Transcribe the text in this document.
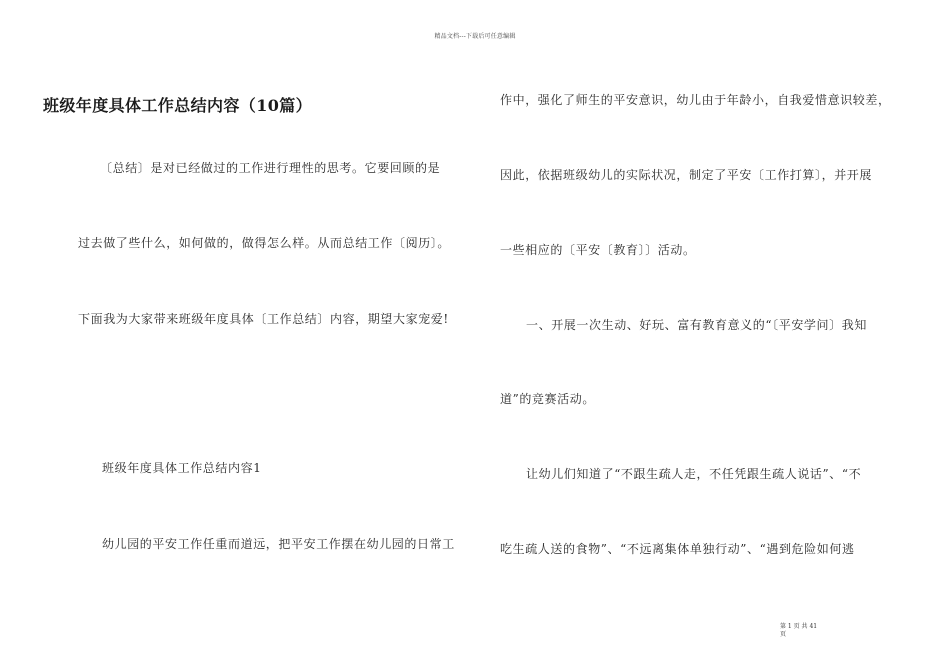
精品文档---下载后可任意编辑
班级年度具体工作总结内容（10篇）
〔总结〕是对已经做过的工作进行理性的思考。它要回顾的是
过去做了些什么，如何做的，做得怎么样。从而总结工作〔阅历〕。
下面我为大家带来班级年度具体〔工作总结〕内容，期望大家宠爱!
班级年度具体工作总结内容1
幼儿园的平安工作任重而道远，把平安工作摆在幼儿园的日常工
作中，强化了师生的平安意识，幼儿由于年龄小，自我爱惜意识较差，
因此，依据班级幼儿的实际状况，制定了平安〔工作打算〕，并开展
一些相应的〔平安〔教育〕〕活动。
一、开展一次生动、好玩、富有教育意义的“〔平安学问〕我知
道”的竞赛活动。
让幼儿们知道了“不跟生疏人走，不任凭跟生疏人说话”、“不
吃生疏人送的食物”、“不远离集体单独行动”、“遇到危险如何逃
第 1 页 共 41
页
